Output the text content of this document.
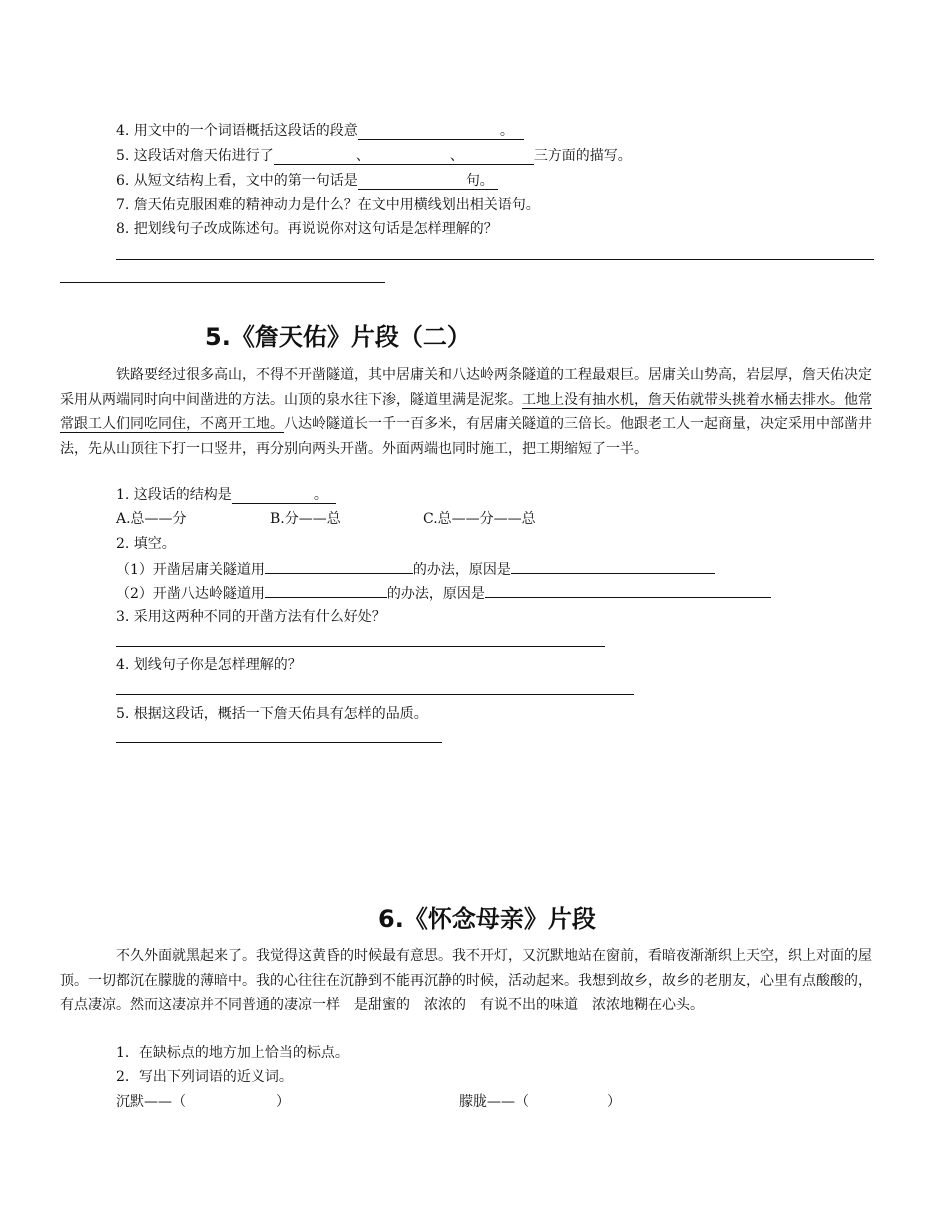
4. 用文中的一个词语概括这段话的段意	。
5. 这段话对詹天佑进行了	、	、	三方面的描写。
6. 从短文结构上看，文中的第一句话是	句。
7. 詹天佑克服困难的精神动力是什么？在文中用横线划出相关语句。
8. 把划线句子改成陈述句。再说说你对这句话是怎样理解的？
5.《詹天佑》片段（二）
铁路要经过很多高山，不得不开凿隧道，其中居庸关和八达岭两条隧道的工程最艰巨。居庸关山势高，岩层厚，詹天佑决定采用从两端同时向中间凿进的方法。山顶的泉水往下渗，隧道里满是泥浆。工地上没有抽水机，詹天佑就带头挑着水桶去排水。他常常跟工人们同吃同住，不离开工地。八达岭隧道长一千一百多米，有居庸关隧道的三倍长。他跟老工人一起商量，决定采用中部凿井法，先从山顶往下打一口竖井，再分别向两头开凿。外面两端也同时施工，把工期缩短了一半。
1. 这段话的结构是	。
A.总——分	B.分——总	C.总——分——总
2. 填空。
（1）开凿居庸关隧道用	的办法，原因是
（2）开凿八达岭隧道用	的办法，原因是
3. 采用这两种不同的开凿方法有什么好处？
4. 划线句子你是怎样理解的？
5. 根据这段话，概括一下詹天佑具有怎样的品质。
6.《怀念母亲》片段
不久外面就黑起来了。我觉得这黄昏的时候最有意思。我不开灯，又沉默地站在窗前，看暗夜渐渐织上天空，织上对面的屋顶。一切都沉在朦胧的薄暗中。我的心往往在沉静到不能再沉静的时候，活动起来。我想到故乡，故乡的老朋友，心里有点酸酸的，有点凄凉。然而这凄凉并不同普通的凄凉一样　是甜蜜的　浓浓的　有说不出的味道　浓浓地糊在心头。
1．在缺标点的地方加上恰当的标点。
2．写出下列词语的近义词。
沉默——（	）	朦胧——（	）
